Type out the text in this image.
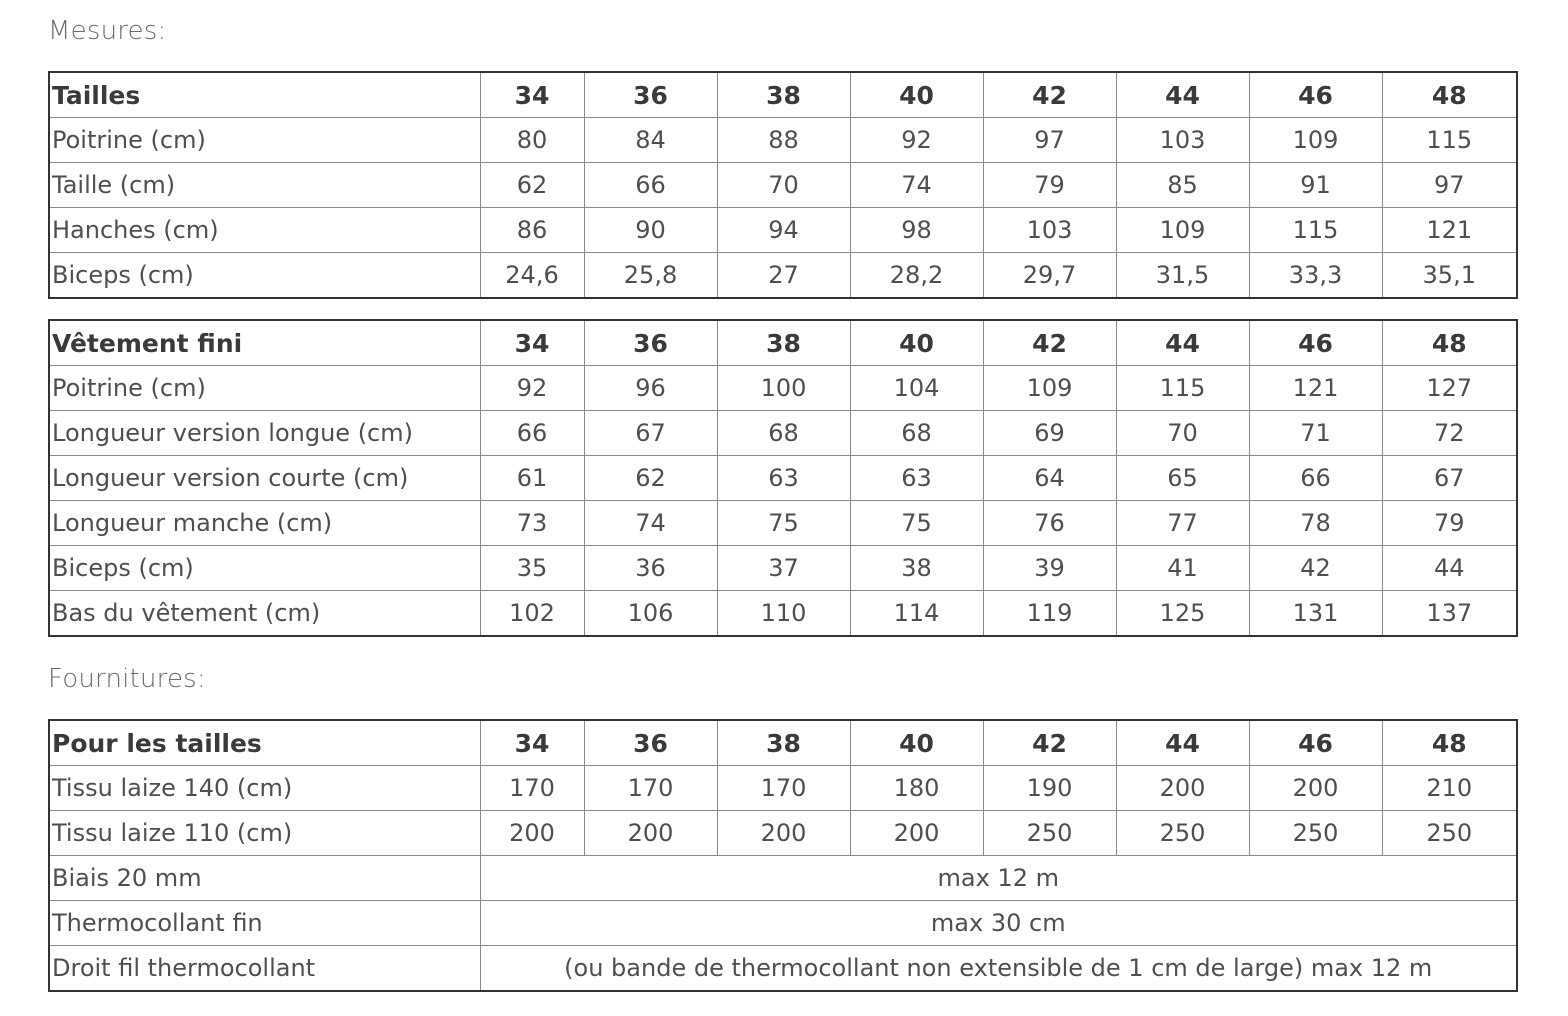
Mesures:
Tailles	34	36	38	40	42	44	46	48
Poitrine (cm)	80	84	88	92	97	103	109	115
Taille (cm)	62	66	70	74	79	85	91	97
Hanches (cm)	86	90	94	98	103	109	115	121
Biceps (cm)	24,6	25,8	27	28,2	29,7	31,5	33,3	35,1
Vêtement fini	34	36	38	40	42	44	46	48
Poitrine (cm)	92	96	100	104	109	115	121	127
Longueur version longue (cm)	66	67	68	68	69	70	71	72
Longueur version courte (cm)	61	62	63	63	64	65	66	67
Longueur manche (cm)	73	74	75	75	76	77	78	79
Biceps (cm)	35	36	37	38	39	41	42	44
Bas du vêtement (cm)	102	106	110	114	119	125	131	137
Fournitures:
Pour les tailles	34	36	38	40	42	44	46	48
Tissu laize 140 (cm)	170	170	170	180	190	200	200	210
Tissu laize 110 (cm)	200	200	200	200	250	250	250	250
Biais 20 mm	max 12 m							
Thermocollant fin	max 30 cm							
Droit fil thermocollant	(ou bande de thermocollant non extensible de 1 cm de large) max 12 m							
